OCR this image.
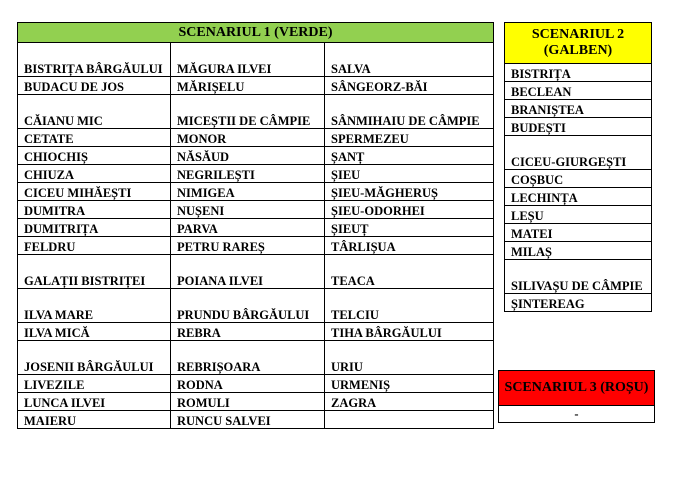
SCENARIUL 1 (VERDE)		
BISTRIȚA BÂRGĂULUI	MĂGURA ILVEI	SALVA
BUDACU DE JOS	MĂRIȘELU	SÂNGEORZ-BĂI
CĂIANU MIC	MICEȘTII DE CÂMPIE	SÂNMIHAIU DE CÂMPIE
CETATE	MONOR	SPERMEZEU
CHIOCHIȘ	NĂSĂUD	ȘANȚ
CHIUZA	NEGRILEȘTI	ȘIEU
CICEU MIHĂEȘTI	NIMIGEA	ȘIEU-MĂGHERUȘ
DUMITRA	NUȘENI	ȘIEU-ODORHEI
DUMITRIȚA	PARVA	ȘIEUȚ
FELDRU	PETRU RAREȘ	TÂRLIȘUA
GALAȚII BISTRIȚEI	POIANA ILVEI	TEACA
ILVA MARE	PRUNDU BÂRGĂULUI	TELCIU
ILVA MICĂ	REBRA	TIHA BÂRGĂULUI
JOSENII BÂRGĂULUI	REBRIȘOARA	URIU
LIVEZILE	RODNA	URMENIȘ
LUNCA ILVEI	ROMULI	ZAGRA
MAIERU	RUNCU SALVEI	
SCENARIUL 2 (GALBEN)
BISTRIȚA
BECLEAN
BRANIȘTEA
BUDEȘTI
CICEU-GIURGEȘTI
COȘBUC
LECHINȚA
LEȘU
MATEI
MILAȘ
SILIVAȘU DE CÂMPIE
ȘINTEREAG
SCENARIUL 3 (ROȘU)
-
